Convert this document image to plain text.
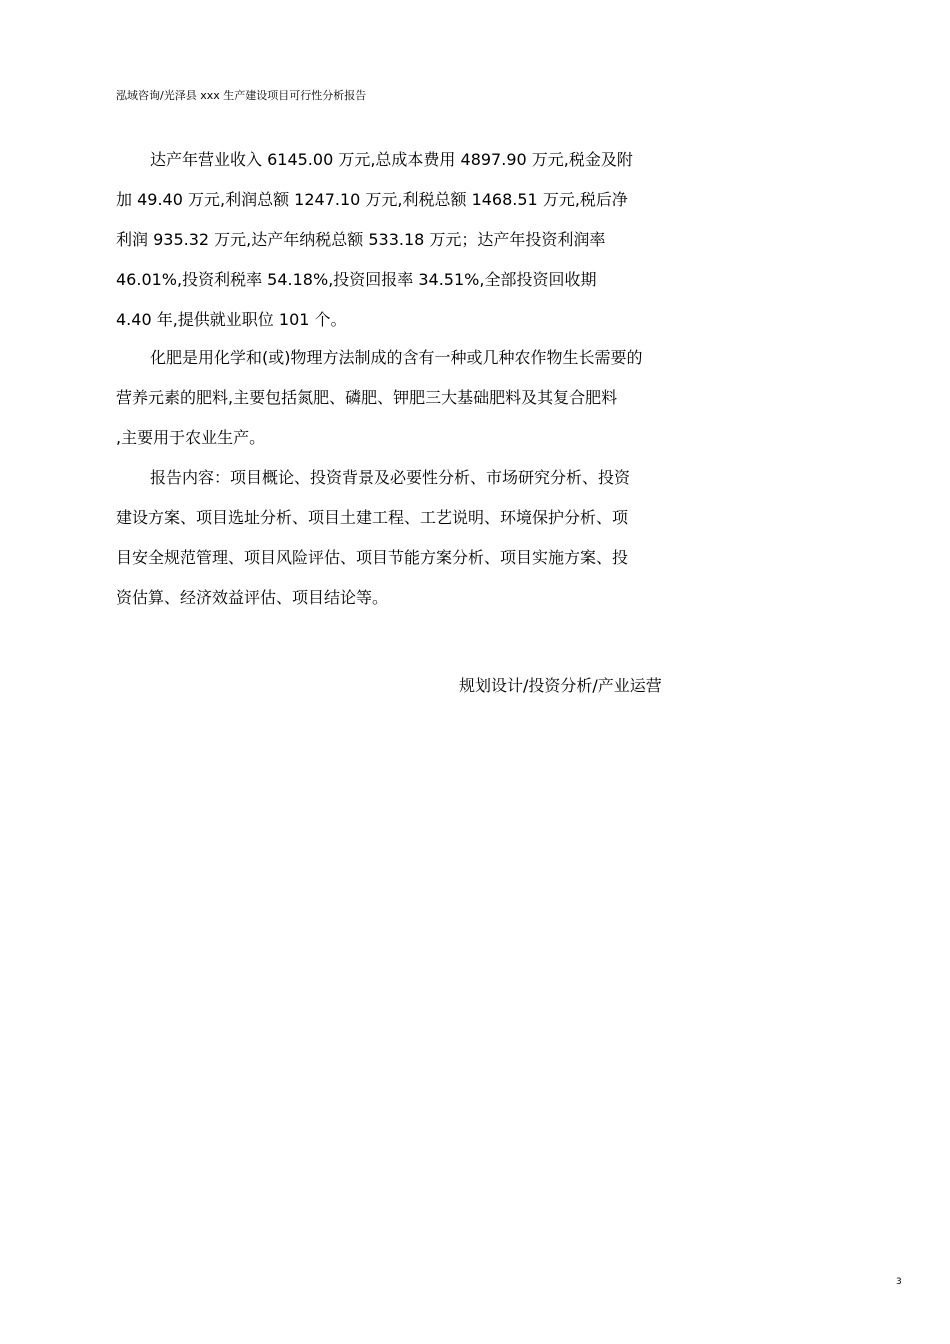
泓域咨询/光泽县 xxx 生产建设项目可行性分析报告
达产年营业收入 6145.00 万元,总成本费用 4897.90 万元,税金及附
加 49.40 万元,利润总额 1247.10 万元,利税总额 1468.51 万元,税后净
利润 935.32 万元,达产年纳税总额 533.18 万元；达产年投资利润率
46.01%,投资利税率 54.18%,投资回报率 34.51%,全部投资回收期
4.40 年,提供就业职位 101 个。
化肥是用化学和(或)物理方法制成的含有一种或几种农作物生长需要的
营养元素的肥料,主要包括氮肥、磷肥、钾肥三大基础肥料及其复合肥料
,主要用于农业生产。
报告内容：项目概论、投资背景及必要性分析、市场研究分析、投资
建设方案、项目选址分析、项目土建工程、工艺说明、环境保护分析、项
目安全规范管理、项目风险评估、项目节能方案分析、项目实施方案、投
资估算、经济效益评估、项目结论等。
规划设计/投资分析/产业运营
3
